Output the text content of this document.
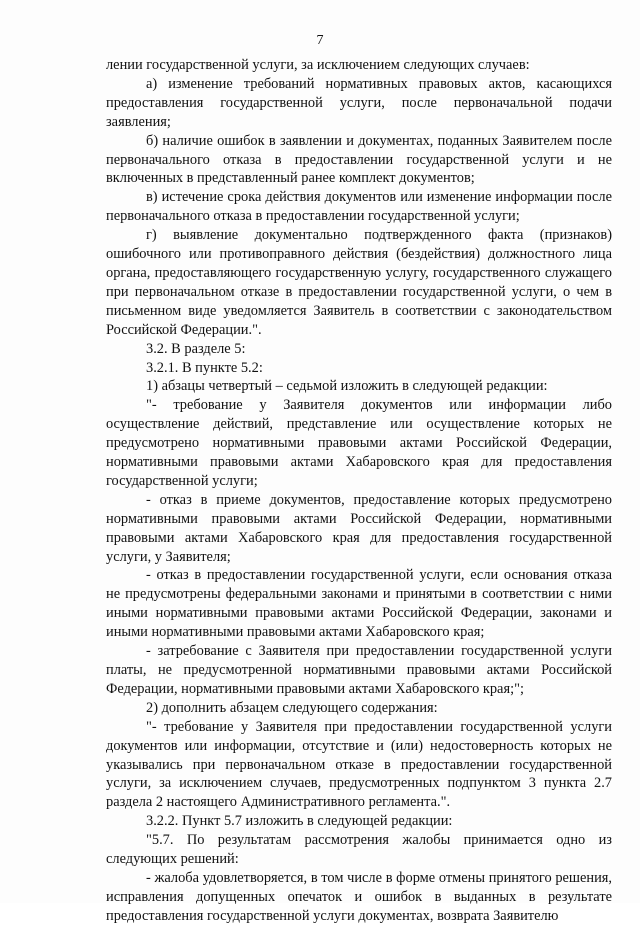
7

лении государственной услуги, за исключением следующих случаев:

а) изменение требований нормативных правовых актов, касающихся предоставления государственной услуги, после первоначальной подачи заявления;

б) наличие ошибок в заявлении и документах, поданных Заявителем после первоначального отказа в предоставлении государственной услуги и не включенных в представленный ранее комплект документов;

в) истечение срока действия документов или изменение информации после первоначального отказа в предоставлении государственной услуги;

г) выявление документально подтвержденного факта (признаков) ошибочного или противоправного действия (бездействия) должностного лица органа, предоставляющего государственную услугу, государственного служащего при первоначальном отказе в предоставлении государственной услуги, о чем в письменном виде уведомляется Заявитель в соответствии с законодательством Российской Федерации.".

3.2. В разделе 5:

3.2.1. В пункте 5.2:

1) абзацы четвертый – седьмой изложить в следующей редакции:

"- требование у Заявителя документов или информации либо осуществление действий, представление или осуществление которых не предусмотрено нормативными правовыми актами Российской Федерации, нормативными правовыми актами Хабаровского края для предоставления государственной услуги;

- отказ в приеме документов, предоставление которых предусмотрено нормативными правовыми актами Российской Федерации, нормативными правовыми актами Хабаровского края для предоставления государственной услуги, у Заявителя;

- отказ в предоставлении государственной услуги, если основания отказа не предусмотрены федеральными законами и принятыми в соответствии с ними иными нормативными правовыми актами Российской Федерации, законами и иными нормативными правовыми актами Хабаровского края;

- затребование с Заявителя при предоставлении государственной услуги платы, не предусмотренной нормативными правовыми актами Российской Федерации, нормативными правовыми актами Хабаровского края;";

2) дополнить абзацем следующего содержания:

"- требование у Заявителя при предоставлении государственной услуги документов или информации, отсутствие и (или) недостоверность которых не указывались при первоначальном отказе в предоставлении государственной услуги, за исключением случаев, предусмотренных подпунктом 3 пункта 2.7 раздела 2 настоящего Административного регламента.".

3.2.2. Пункт 5.7 изложить в следующей редакции:

"5.7. По результатам рассмотрения жалобы принимается одно из следующих решений:

- жалоба удовлетворяется, в том числе в форме отмены принятого решения, исправления допущенных опечаток и ошибок в выданных в результате предоставления государственной услуги документах, возврата Заявителю
